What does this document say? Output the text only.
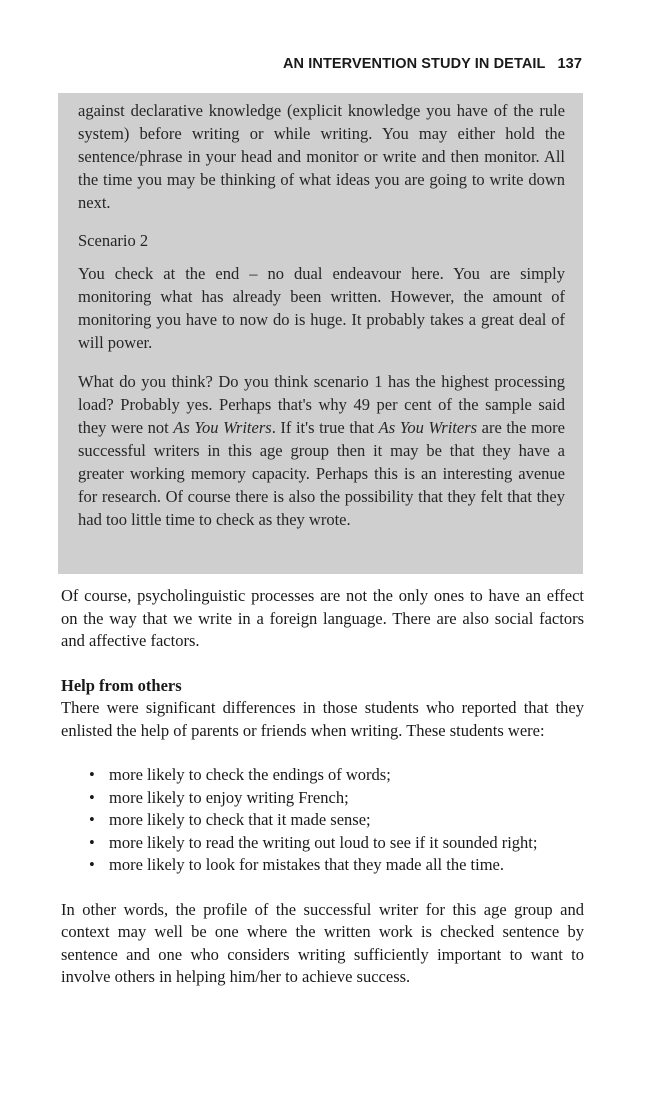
AN INTERVENTION STUDY IN DETAIL 137

against declarative knowledge (explicit knowledge you have of the rule system) before writing or while writing. You may either hold the sentence/phrase in your head and monitor or write and then monitor. All the time you may be thinking of what ideas you are going to write down next.

Scenario 2

You check at the end – no dual endeavour here. You are simply monitoring what has already been written. However, the amount of monitoring you have to now do is huge. It probably takes a great deal of will power.

What do you think? Do you think scenario 1 has the highest processing load? Probably yes. Perhaps that's why 49 per cent of the sample said they were not As You Writers. If it's true that As You Writers are the more successful writers in this age group then it may be that they have a greater working memory capacity. Perhaps this is an interesting avenue for research. Of course there is also the possibility that they felt that they had too little time to check as they wrote.

Of course, psycholinguistic processes are not the only ones to have an effect on the way that we write in a foreign language. There are also social factors and affective factors.

Help from others

There were significant differences in those students who reported that they enlisted the help of parents or friends when writing. These students were:

• more likely to check the endings of words;
• more likely to enjoy writing French;
• more likely to check that it made sense;
• more likely to read the writing out loud to see if it sounded right;
• more likely to look for mistakes that they made all the time.

In other words, the profile of the successful writer for this age group and context may well be one where the written work is checked sentence by sentence and one who considers writing sufficiently important to want to involve others in helping him/her to achieve success.
